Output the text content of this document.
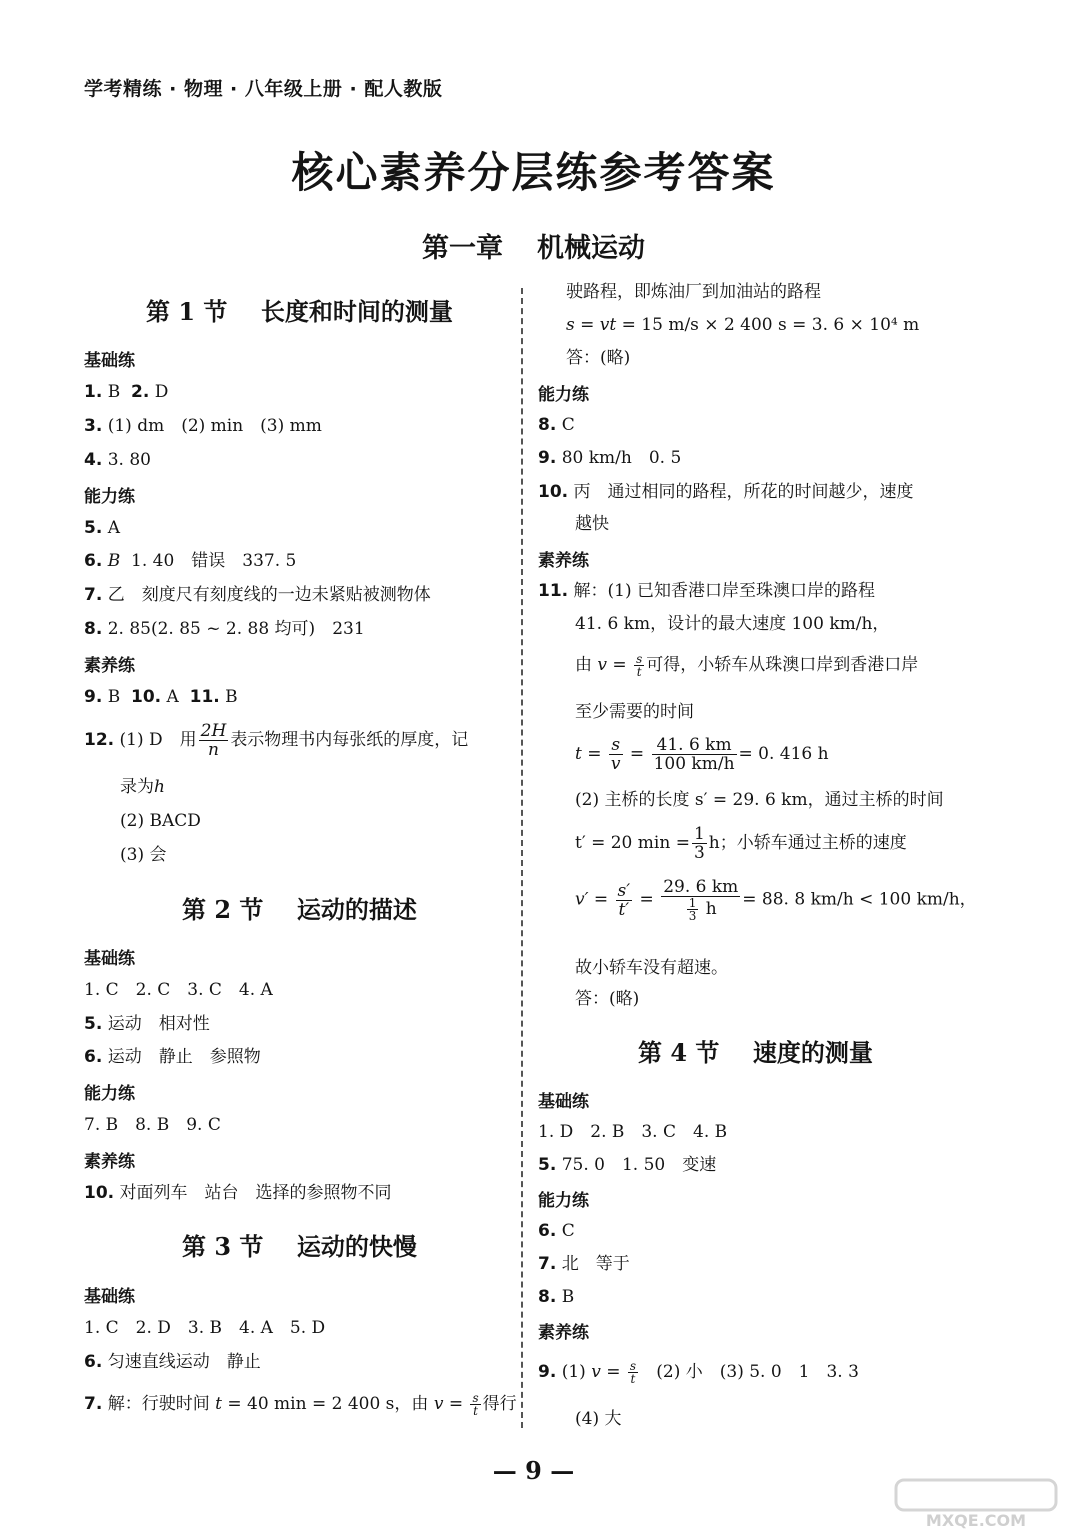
学考精练 · 物理 · 八年级上册 · 配人教版
核心素养分层练参考答案
第一章 机械运动
第 1 节 长度和时间的测量
基础练
1. B 2. D
3. (1) dm　(2) min　(3) mm
4. 3. 80
能力练
5. A
6. B 1. 40　错误　337. 5
7. 乙　刻度尺有刻度线的一边未紧贴被测物体
8. 2. 85(2. 85 ~ 2. 88 均可)　231
素养练
9. B 10. A 11. B
12. (1) D　用 $\frac{2H}{n}$ 表示物理书内每张纸的厚度，记
录为h
(2) BACD
(3) 会
第 2 节 运动的描述
基础练
1. C　2. C　3. C　4. A
5. 运动　相对性
6. 运动　静止　参照物
能力练
7. B　8. B　9. C
素养练
10. 对面列车　站台　选择的参照物不同
第 3 节 运动的快慢
基础练
1. C　2. D　3. B　4. A　5. D
6. 匀速直线运动　静止
7. 解：行驶时间 t = 40 min = 2 400 s，由 $v = \frac{s}{t}$ 得行
驶路程，即炼油厂到加油站的路程
s = vt = 15 m/s × 2 400 s = 3. 6 × 10⁴ m
答：(略)
能力练
8. C
9. 80 km/h　0. 5
10. 丙　通过相同的路程，所花的时间越少，速度
越快
素养练
11. 解：(1) 已知香港口岸至珠澳口岸的路程
41. 6 km，设计的最大速度 100 km/h，
由 $v = \frac{s}{t}$ 可得，小轿车从珠澳口岸到香港口岸
至少需要的时间
$t = \frac{s}{v} = \frac{41. 6 km}{100 km/h} = 0$. 416 h
(2) 主桥的长度 s′ = 29. 6 km，通过主桥的时间
t′ = 20 $\min = \frac{1}{3}$ h；小轿车通过主桥的速度
$v' = \frac{s'}{t'} = \frac{29. 6 km}{\frac{1}{3} h} = 88$. 8 km/h < 100 km/h，
故小轿车没有超速。
答：(略)
第 4 节 速度的测量
基础练
1. D　2. B　3. C　4. B
5. 75. 0　1. 50　变速
能力练
6. C
7. 北　等于
8. B
素养练
9. (1) $v = \frac{s}{t} (2)$ 小　(3) 5. 0　1　3. 3
(4) 大
— 9 —
MXQE.COM
